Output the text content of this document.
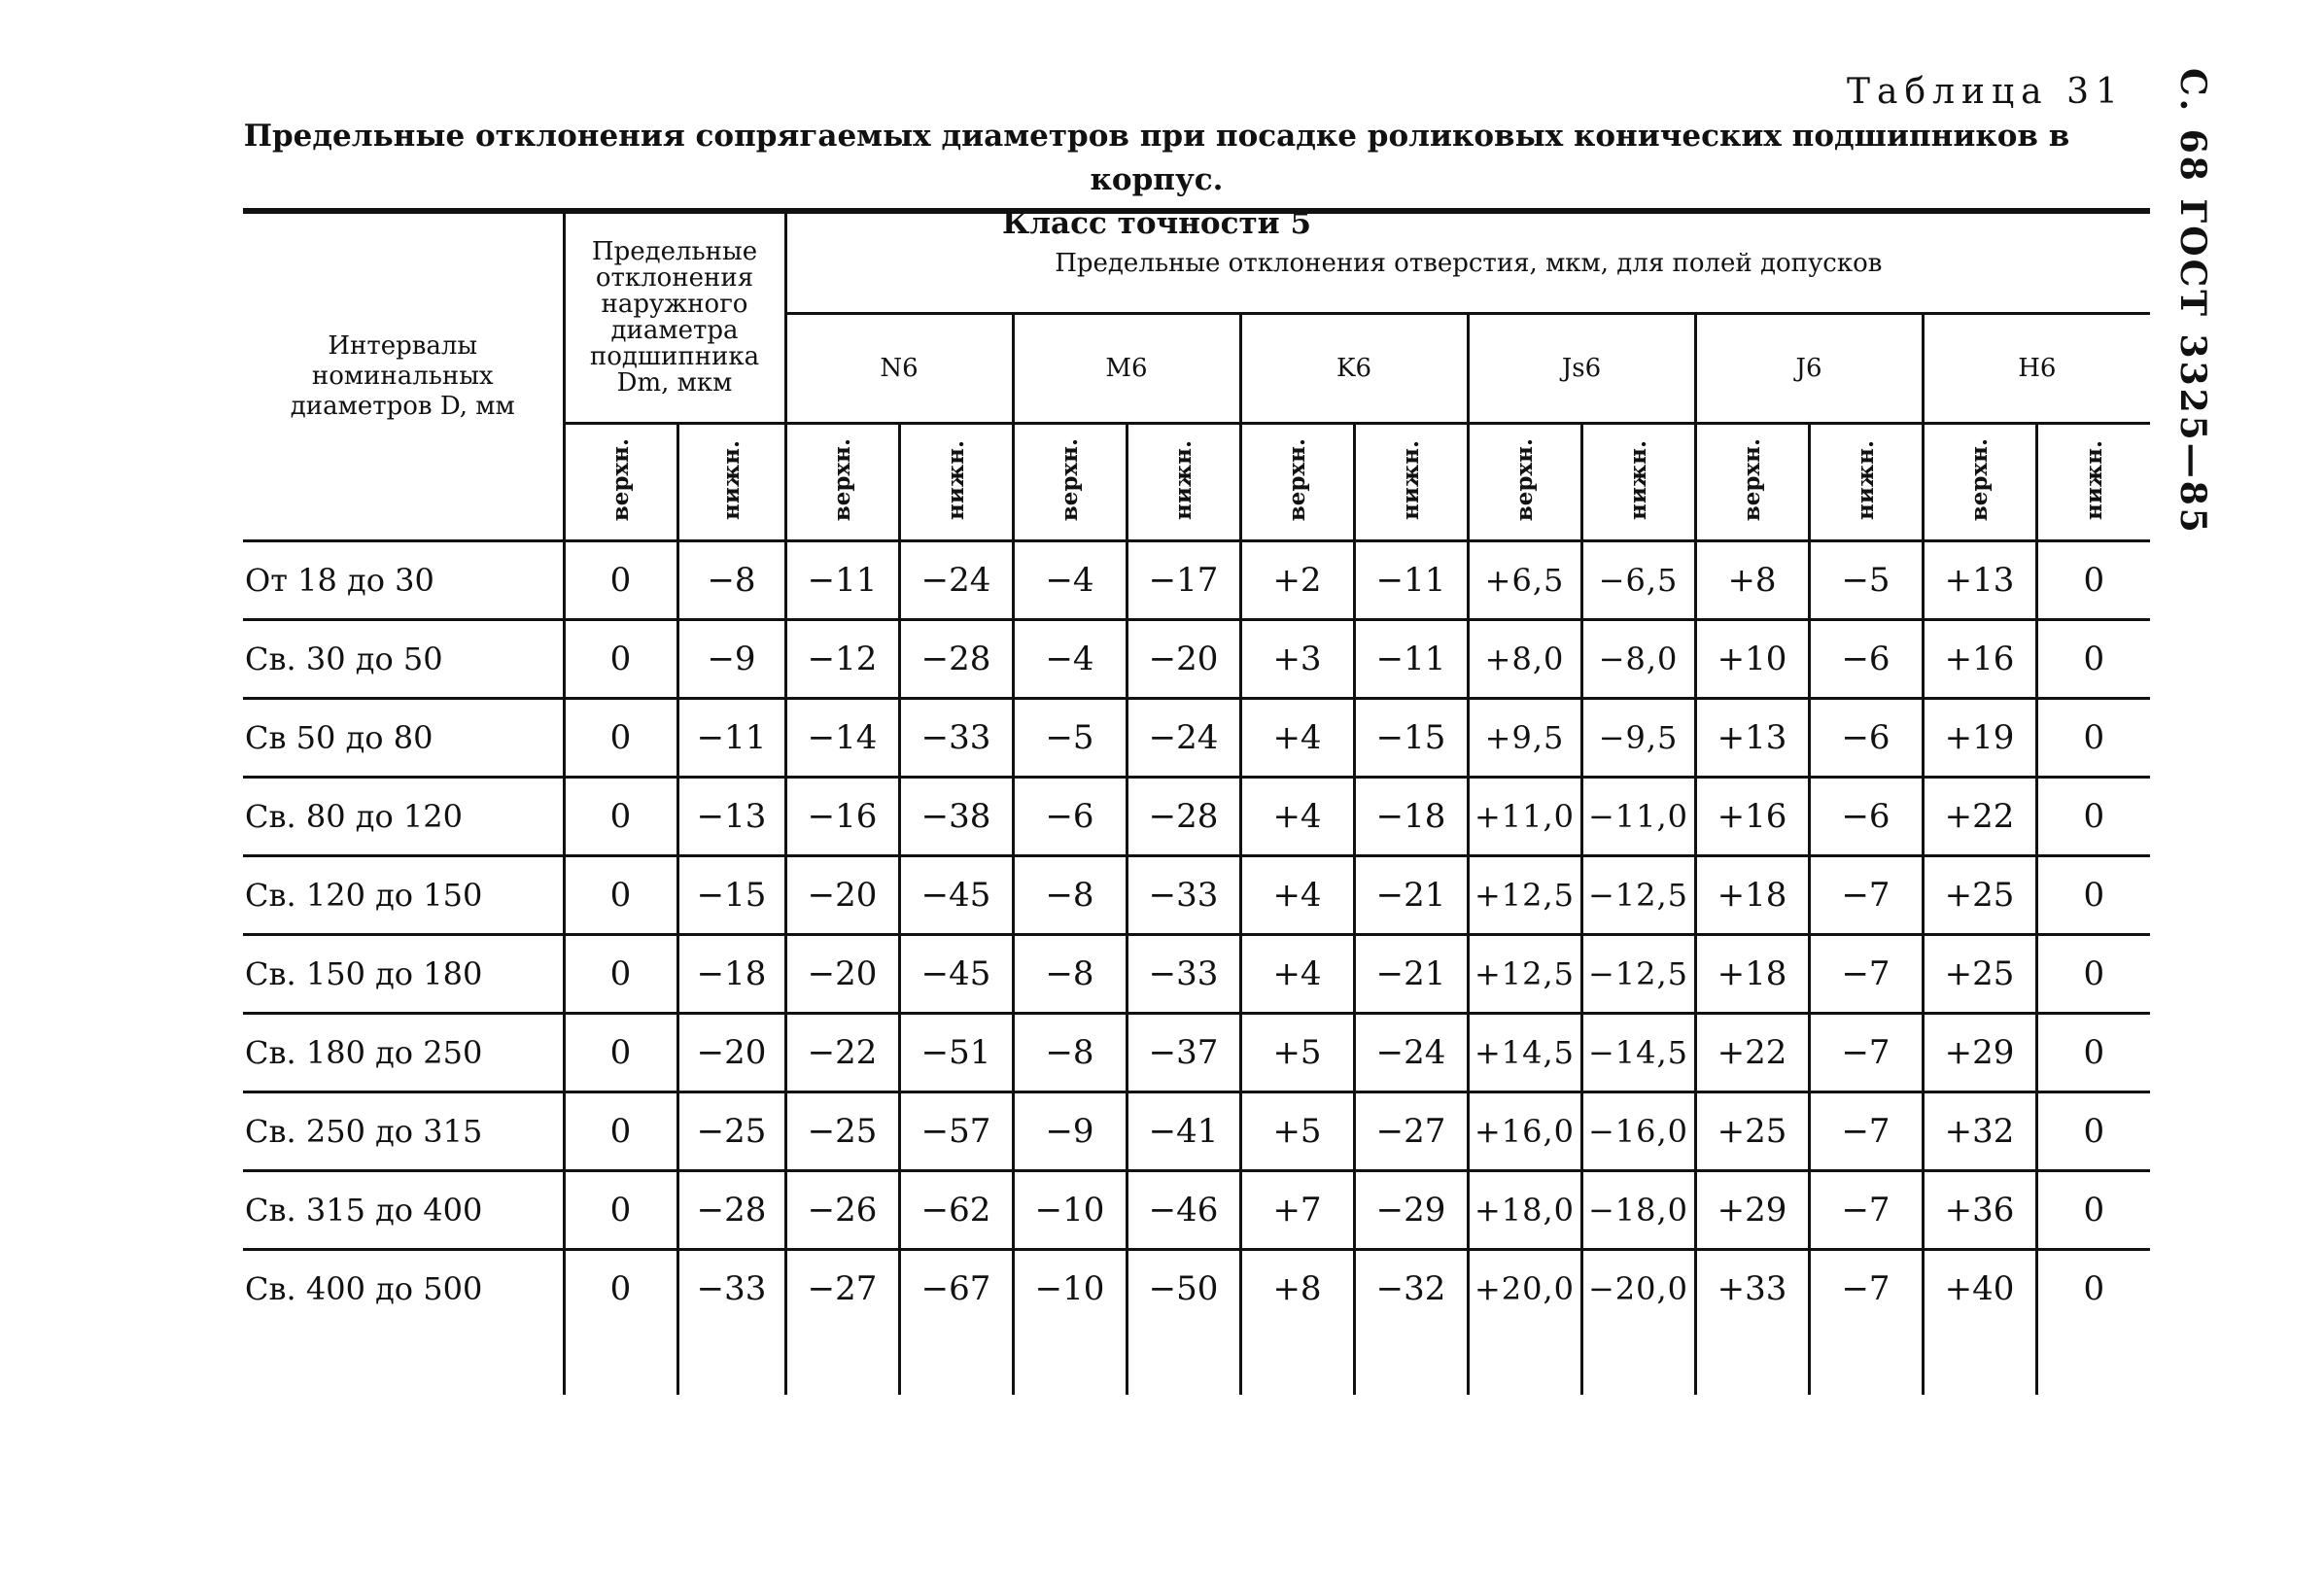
С. 68 ГОСТ 3325—85
Таблица 31
Предельные отклонения сопрягаемых диаметров при посадке роликовых конических подшипников в корпус.
Класс точности 5
Интервалы номинальных диаметров D, мм	Предельные отклонения наружного диаметра подшипника Dm, мкм		Предельные отклонения отверстия, мкм, для полей допусков											
			N6		M6		K6		Js6		J6		H6	
	верхн.	нижн.	верхн.	нижн.	верхн.	нижн.	верхн.	нижн.	верхн.	нижн.	верхн.	нижн.	верхн.	нижн.
От 18 до 30	0	−8	−11	−24	−4	−17	+2	−11	+6,5	−6,5	+8	−5	+13	0
Св. 30 до 50	0	−9	−12	−28	−4	−20	+3	−11	+8,0	−8,0	+10	−6	+16	0
Св 50 до 80	0	−11	−14	−33	−5	−24	+4	−15	+9,5	−9,5	+13	−6	+19	0
Св. 80 до 120	0	−13	−16	−38	−6	−28	+4	−18	+11,0	−11,0	+16	−6	+22	0
Св. 120 до 150	0	−15	−20	−45	−8	−33	+4	−21	+12,5	−12,5	+18	−7	+25	0
Св. 150 до 180	0	−18	−20	−45	−8	−33	+4	−21	+12,5	−12,5	+18	−7	+25	0
Св. 180 до 250	0	−20	−22	−51	−8	−37	+5	−24	+14,5	−14,5	+22	−7	+29	0
Св. 250 до 315	0	−25	−25	−57	−9	−41	+5	−27	+16,0	−16,0	+25	−7	+32	0
Св. 315 до 400	0	−28	−26	−62	−10	−46	+7	−29	+18,0	−18,0	+29	−7	+36	0
Св. 400 до 500	0	−33	−27	−67	−10	−50	+8	−32	+20,0	−20,0	+33	−7	+40	0
